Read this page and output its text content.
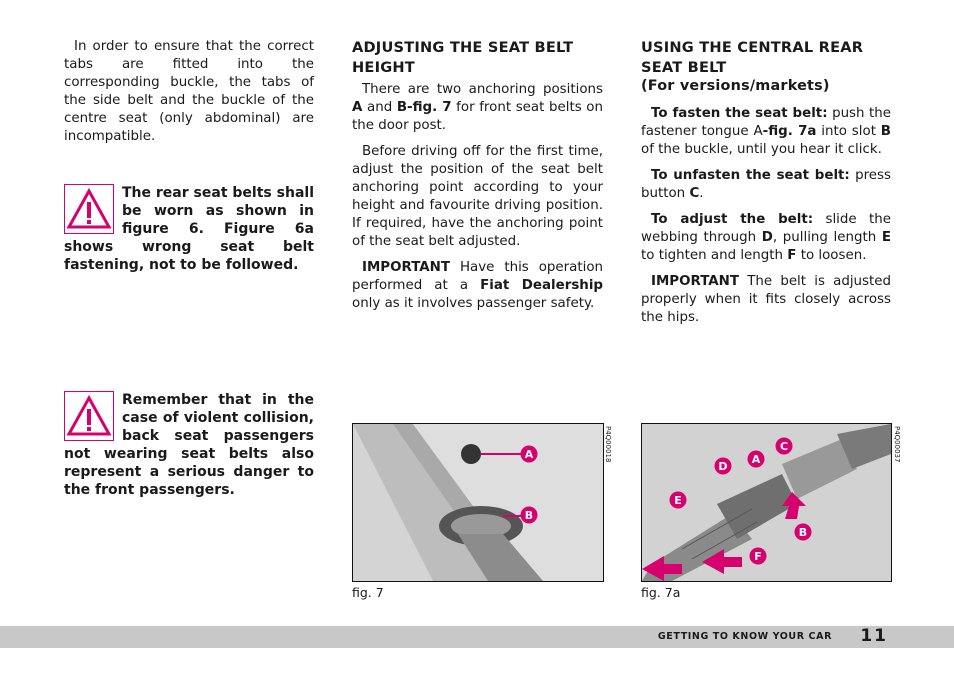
In order to ensure that the correct tabs are fitted into the corresponding buckle, the tabs of the side belt and the buckle of the centre seat (only abdominal) are incompatible.

The rear seat belts shall be worn as shown in figure 6. Figure 6a shows wrong seat belt fastening, not to be followed.
Remember that in the case of violent collision, back seat passengers not wearing seat belts also represent a serious danger to the front passengers.
ADJUSTING THE SEAT BELT HEIGHT

There are two anchoring positions A and B-fig. 7 for front seat belts on the door post.

Before driving off for the first time, adjust the position of the seat belt anchoring point according to your height and favourite driving position. If required, have the anchoring point of the seat belt adjusted.

IMPORTANT Have this operation performed at a Fiat Dealership only as it involves passenger safety.

USING THE CENTRAL REAR SEAT BELT
(For versions/markets)

To fasten the seat belt: push the fastener tongue A-fig. 7a into slot B of the buckle, until you hear it click.

To unfasten the seat belt: press button C.

To adjust the belt: slide the webbing through D, pulling length E to tighten and length F to loosen.

IMPORTANT The belt is adjusted properly when it fits closely across the hips.

A
B
P4Q00018
fig. 7
A
B
C
D
E
F
P4Q00037
fig. 7a
GETTING TO KNOW YOUR CAR 11
